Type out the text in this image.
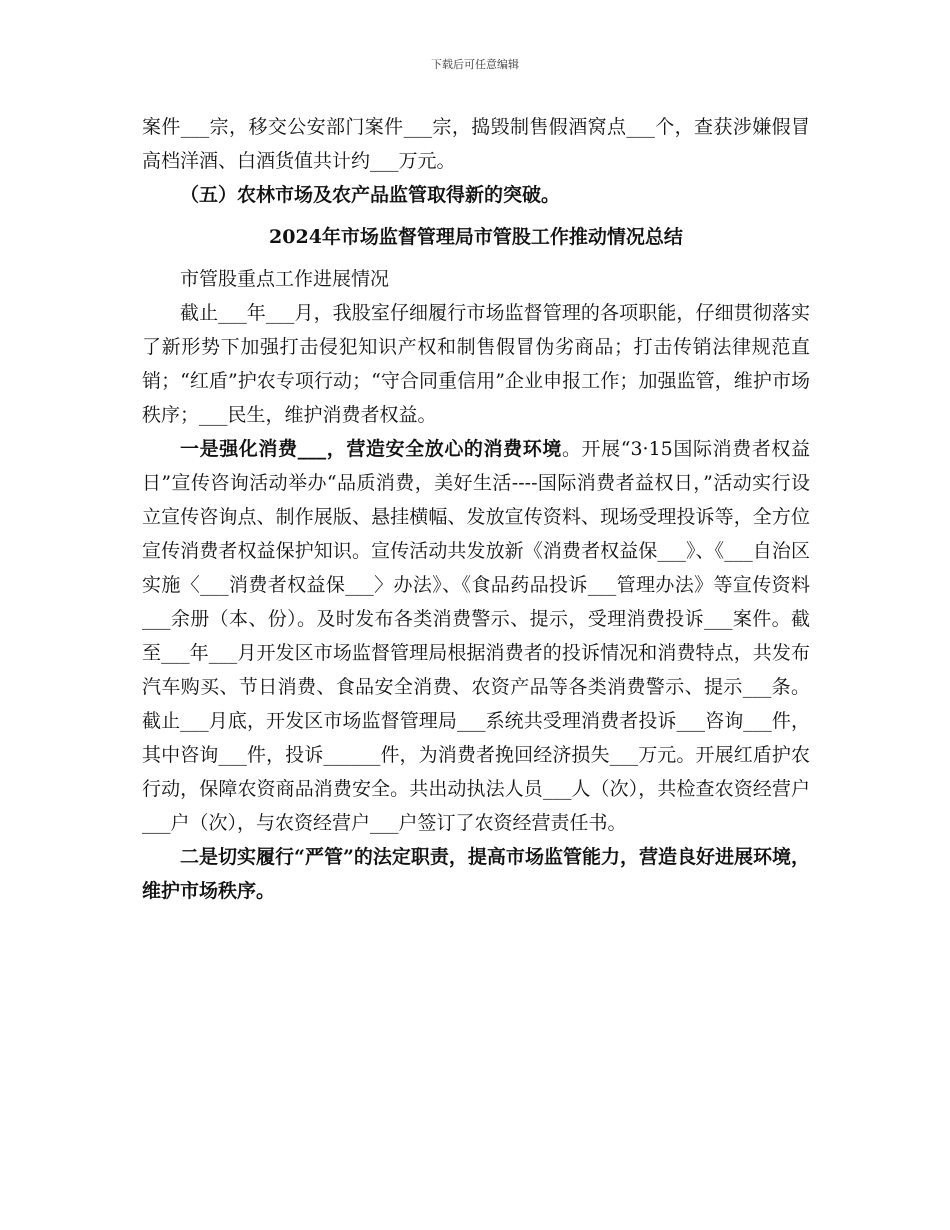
下载后可任意编辑

案件___宗，移交公安部门案件___宗，捣毁制售假酒窝点___个，查获涉嫌假冒高档洋酒、白酒货值共计约___万元。

（五）农林市场及农产品监管取得新的突破。

2024年市场监督管理局市管股工作推动情况总结

市管股重点工作进展情况

截止___年___月，我股室仔细履行市场监督管理的各项职能，仔细贯彻落实了新形势下加强打击侵犯知识产权和制售假冒伪劣商品；打击传销法律规范直销；“红盾”护农专项行动；“守合同重信用”企业申报工作；加强监管，维护市场秩序；___民生，维护消费者权益。

一是强化消费___，营造安全放心的消费环境。开展“3·15国际消费者权益日”宣传咨询活动举办“品质消费，美好生活----国际消费者益权日，”活动实行设立宣传咨询点、制作展版、悬挂横幅、发放宣传资料、现场受理投诉等，全方位宣传消费者权益保护知识。宣传活动共发放新《消费者权益保___》、《___自治区实施〈___消费者权益保___〉办法》、《食品药品投诉___管理办法》等宣传资料___余册（本、份）。及时发布各类消费警示、提示，受理消费投诉___案件。截至___年___月开发区市场监督管理局根据消费者的投诉情况和消费特点，共发布汽车购买、节日消费、食品安全消费、农资产品等各类消费警示、提示___条。截止___月底，开发区市场监督管理局___系统共受理消费者投诉___咨询___件，其中咨询___件，投诉______件，为消费者挽回经济损失___万元。开展红盾护农行动，保障农资商品消费安全。共出动执法人员___人（次），共检查农资经营户___户（次），与农资经营户___户签订了农资经营责任书。

二是切实履行“严管”的法定职责，提高市场监管能力，营造良好进展环境，维护市场秩序。
